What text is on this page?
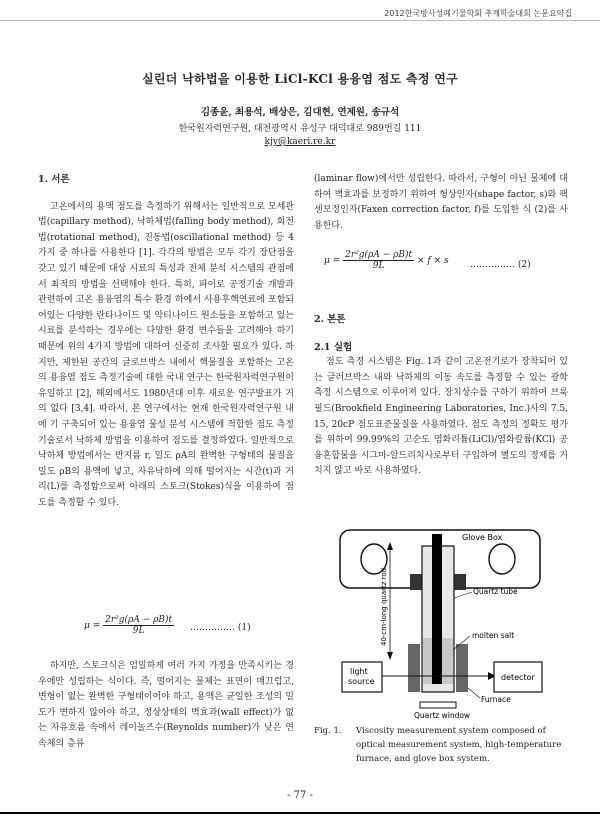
2012한국방사성폐기물학회 추계학술대회 논문요약집
실린더 낙하법을 이용한 LiCl-KCl 용융염 점도 측정 연구
김종윤, 최용석, 배상은, 김대현, 연제원, 송규석
한국원자력연구원, 대전광역시 유성구 대덕대로 989번길 111
kjy@kaeri.re.kr

1. 서론

고온에서의 용액 점도를 측정하기 위해서는 일반적으로 모세관법(capillary method), 낙하체법(falling body method), 회전법(rotational method), 진동법(oscillational method) 등 4가지 중 하나를 사용한다 [1]. 각각의 방법은 모두 각기 장단점을 갖고 있기 때문에 대상 시료의 특성과 전체 분석 시스템의 관점에서 최적의 방법을 선택해야 한다. 특히, 파이로 공정기술 개발과 관련하여 고온 용융염의 특수 환경 하에서 사용후핵연료에 포함되어있는 다양한 란타나이드 및 악티나이드 원소들을 포함하고 있는 시료를 분석하는 경우에는 다양한 환경 변수들을 고려해야 하기 때문에 위의 4가지 방법에 대하여 신중히 조사할 필요가 있다. 하지만, 제한된 공간의 글로브박스 내에서 핵물질을 포함하는 고온의 용융염 점도 측정기술에 대한 국내 연구는 한국원자력연구원이 유일하고 [2], 해외에서도 1980년대 이후 새로운 연구발표가 거의 없다 [3,4]. 따라서, 본 연구에서는 현재 한국원자력연구원 내에 기 구축되어 있는 용융염 물성 분석 시스템에 적합한 점도 측정 기술로서 낙하체 방법을 이용하여 점도를 결정하였다. 일반적으로 낙하체 방법에서는 반지름 r, 밀도 ρA의 완벽한 구형태의 물질을 밀도 ρB의 용액에 넣고, 자유낙하에 의해 떨어지는 시간(t)과 거리(L)를 측정함으로써 아래의 스토크(Stokes)식을 이용하여 점도를 측정할 수 있다.

$\mu = \frac{\text{2r²g(ρA − ρB)t}}{9L}$ …………… (1)

하지만, 스토크식은 엄밀하게 여러 가지 가정을 만족시키는 경우에만 성립하는 식이다. 즉, 떨어지는 물체는 표면이 매끄럽고, 변형이 없는 완벽한 구형태이어야 하고, 용액은 균일한 조성의 밀도가 변하지 않아야 하고, 정상상태의 벽효과(wall effect)가 없는 자유흐름 속에서 레이놀즈수(Reynolds number)가 낮은 연속체의 층류

(laminar flow)에서만 성립한다. 따라서, 구형이 아닌 물체에 대하여 벽효과를 보정하기 위하여 형상인자(shape factor, s)와 팩센보정인자(Faxen correction factor, f)를 도입한 식 (2)를 사용한다.

$\mu = \frac{\text{2r²g(ρA − ρB)t}}{9L} \times f \times s$ …………… (2)

2. 본론

2.1 실험

점도 측정 시스템은 Fig. 1과 같이 고온전기로가 장착되어 있는 글러브박스 내와 낙하체의 이동 속도를 측정할 수 있는 광학 측정 시스템으로 이루어져 있다. 장치상수를 구하기 위하여 브룩필드(Brookfield Engineering Laboratories, Inc.)사의 7.5, 15, 20cP 점도표준물질을 사용하였다. 점도 측정의 정확도 평가를 위하여 99.99%의 고순도 염화리튬(LiCl)/염화칼륨(KCl) 공융혼합물을 시그마-알드리치사로부터 구입하여 별도의 정제를 거치지 않고 바로 사용하였다.

Glove Box
light
source	detector
40-cm-long quartz rod	Quartz tube
molten salt
Furnace
Quartz window
Fig. 1. Viscosity measurement system composed of optical measurement system, high-temperature furnace, and glove box system.
- 77 -
